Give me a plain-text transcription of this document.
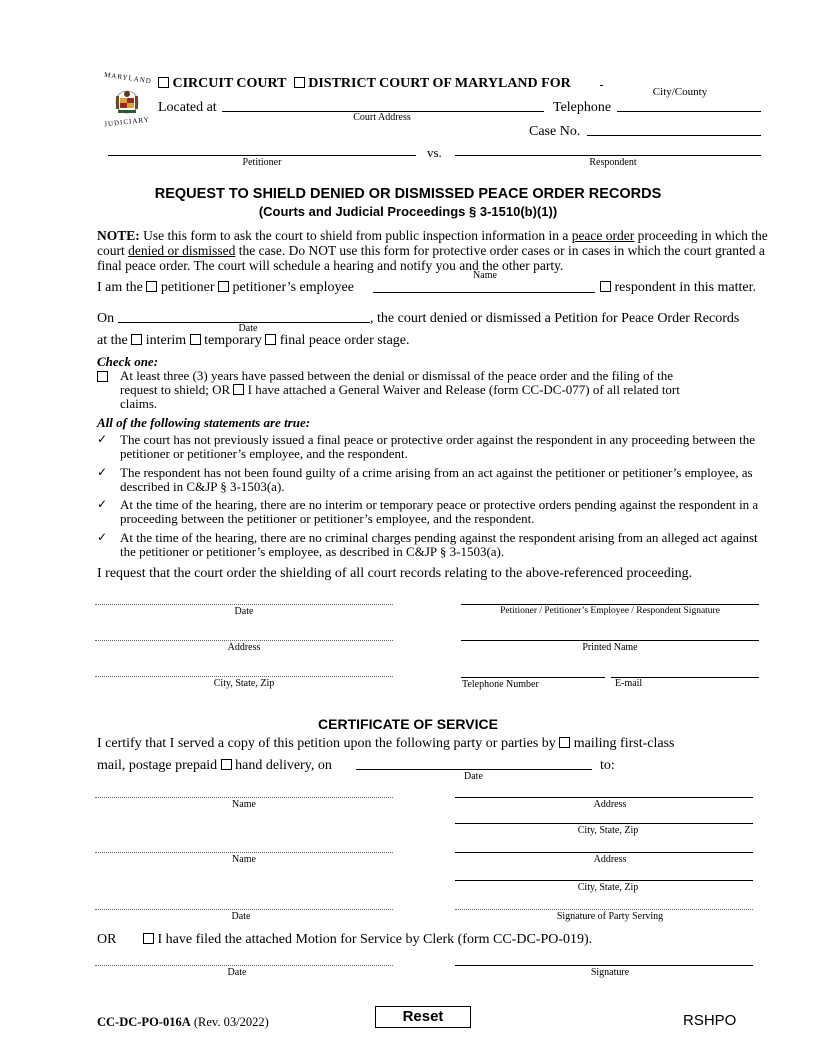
MARYLAND
JUDICIARY
CIRCUIT COURT DISTRICT COURT OF MARYLAND FOR
City/County
Located at
Court Address
Telephone
Case No.
Petitioner
vs.
Respondent
REQUEST TO SHIELD DENIED OR DISMISSED PEACE ORDER RECORDS
(Courts and Judicial Proceedings § 3-1510(b)(1))
NOTE: Use this form to ask the court to shield from public inspection information in a peace order proceeding in which the court denied or dismissed the case. Do NOT use this form for protective order cases or in cases in which the court granted a final peace order. The court will schedule a hearing and notify you and the other party.
Name
I am the petitioner petitioner’s employee	respondent in this matter.
On	, the court denied or dismissed a Petition for Peace Order Records
Date
at the interim temporary final peace order stage.
Check one:
At least three (3) years have passed between the denial or dismissal of the peace order and the filing of the
request to shield; OR I have attached a General Waiver and Release (form CC-DC-077) of all related tort
claims.
All of the following statements are true:
✓ The court has not previously issued a final peace or protective order against the respondent in any proceeding between the petitioner or petitioner’s employee, and the respondent.
✓ The respondent has not been found guilty of a crime arising from an act against the petitioner or petitioner’s employee, as described in C&JP § 3-1503(a).
✓ At the time of the hearing, there are no interim or temporary peace or protective orders pending against the respondent in a proceeding between the petitioner or petitioner’s employee, and the respondent.
✓ At the time of the hearing, there are no criminal charges pending against the respondent arising from an alleged act against the petitioner or petitioner’s employee, as described in C&JP § 3-1503(a).
I request that the court order the shielding of all court records relating to the above-referenced proceeding.
Date	Petitioner / Petitioner’s Employee / Respondent Signature
Address	Printed Name
City, State, Zip	Telephone Number	E-mail
CERTIFICATE OF SERVICE
I certify that I served a copy of this petition upon the following party or parties by mailing first-class
mail, postage prepaid hand delivery, on	to:
Date
Name	Address
City, State, Zip
Name	Address
City, State, Zip
Date	Signature of Party Serving
OR	I have filed the attached Motion for Service by Clerk (form CC-DC-PO-019).
Date	Signature
CC-DC-PO-016A (Rev. 03/2022)	Reset	RSHPO
